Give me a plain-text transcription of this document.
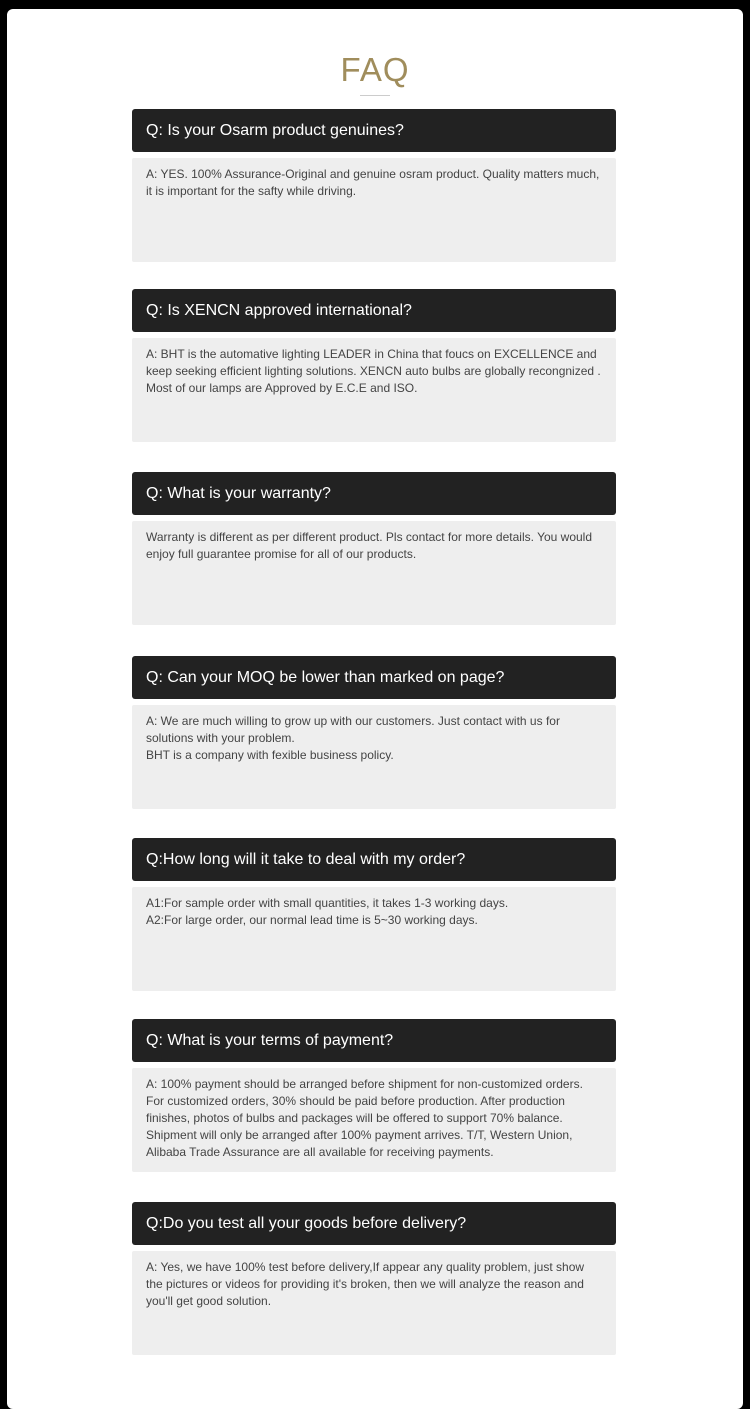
FAQ
Q: Is your Osarm product genuines?
A: YES. 100% Assurance-Original and genuine osram product. Quality matters much, it is important for the safty while driving.
Q: Is XENCN approved international?
A: BHT is the automative lighting LEADER in China that foucs on EXCELLENCE and keep seeking efficient lighting solutions. XENCN auto bulbs are globally recongnized . Most of our lamps are Approved by E.C.E and ISO.
Q: What is your warranty?
Warranty is different as per different product. Pls contact for more details. You would enjoy full guarantee promise for all of our products.
Q: Can your MOQ be lower than marked on page?
A: We are much willing to grow up with our customers. Just contact with us for solutions with your problem.
BHT is a company with fexible business policy.
Q:How long will it take to deal with my order?
A1:For sample order with small quantities, it takes 1-3 working days.
A2:For large order, our normal lead time is 5~30 working days.
Q: What is your terms of payment?
A: 100% payment should be arranged before shipment for non-customized orders. For customized orders, 30% should be paid before production. After production finishes, photos of bulbs and packages will be offered to support 70% balance. Shipment will only be arranged after 100% payment arrives. T/T, Western Union, Alibaba Trade Assurance are all available for receiving payments.
Q:Do you test all your goods before delivery?
A: Yes, we have 100% test before delivery,If appear any quality problem, just show the pictures or videos for providing it's broken, then we will analyze the reason and you'll get good solution.
